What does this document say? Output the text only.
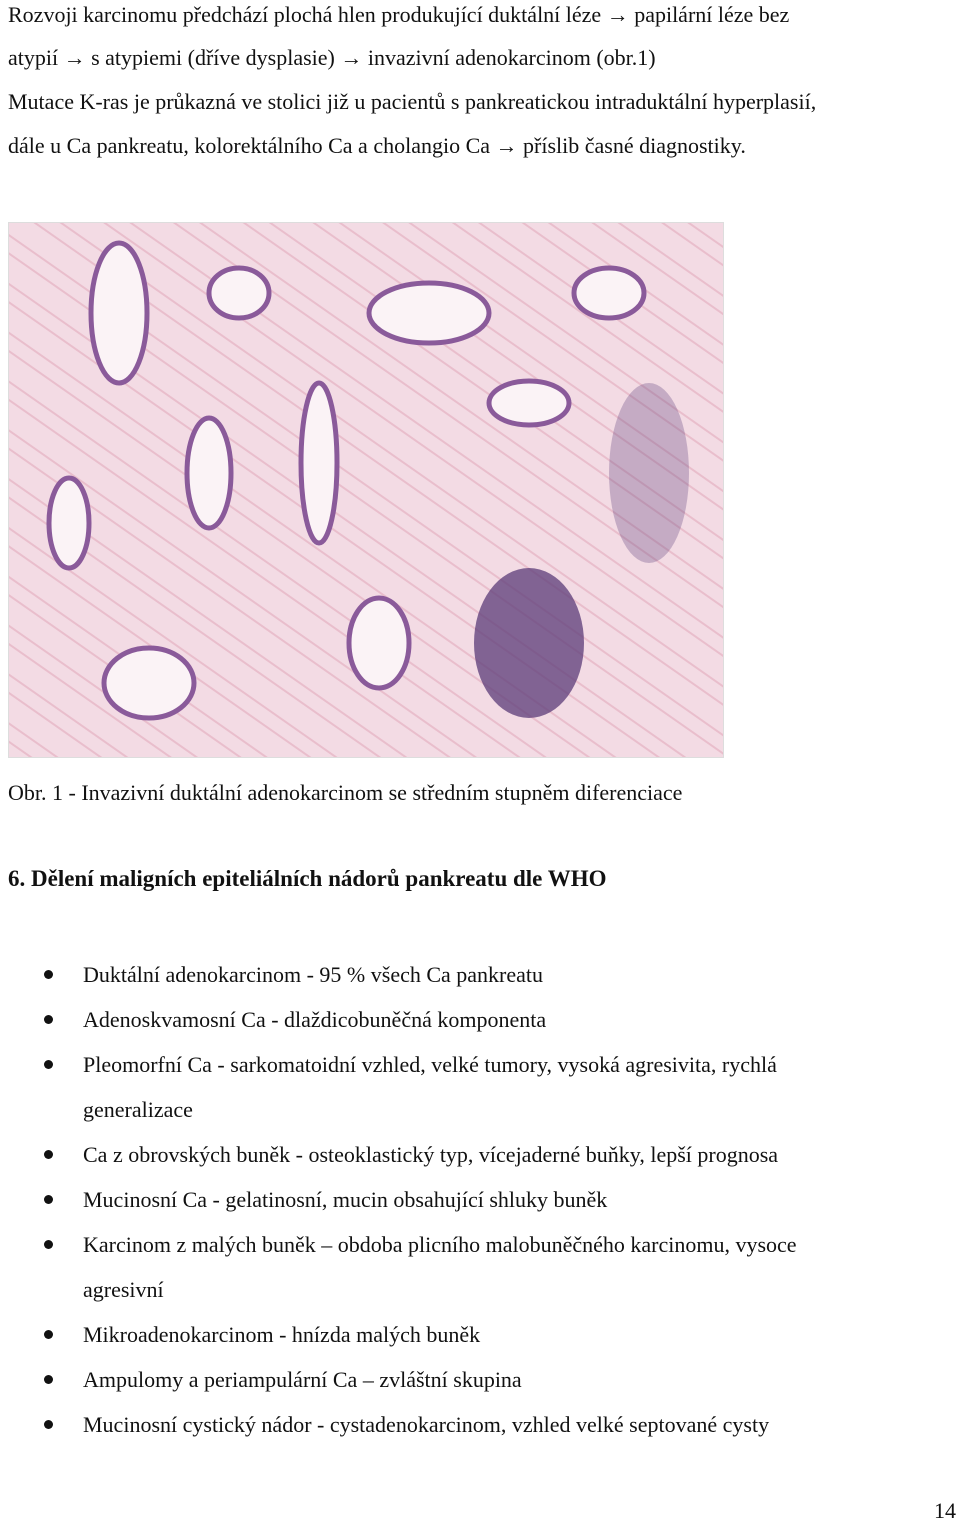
Rozvoji karcinomu předchází plochá hlen produkující duktální léze → papilární léze bez
atypií → s atypiemi (dříve dysplasie) → invazivní adenokarcinom (obr.1)
Mutace K-ras je průkazná ve stolici již u pacientů s pankreatickou intraduktální hyperplasií,
dále u Ca pankreatu, kolorektálního Ca a cholangio Ca → příslib časné diagnostiky.
Obr. 1 - Invazivní duktální adenokarcinom se středním stupněm diferenciace
6. Dělení maligních epiteliálních nádorů pankreatu dle WHO
Duktální adenokarcinom - 95 % všech Ca pankreatu
Adenoskvamosní Ca - dlaždicobuněčná komponenta
Pleomorfní Ca - sarkomatoidní vzhled, velké tumory, vysoká agresivita, rychlá
generalizace
Ca z obrovských buněk - osteoklastický typ, vícejaderné buňky, lepší prognosa
Mucinosní Ca - gelatinosní, mucin obsahující shluky buněk
Karcinom z malých buněk – obdoba plicního malobuněčného karcinomu, vysoce
agresivní
Mikroadenokarcinom - hnízda malých buněk
Ampulomy a periampulární Ca – zvláštní skupina
Mucinosní cystický nádor - cystadenokarcinom, vzhled velké septované cysty
14
